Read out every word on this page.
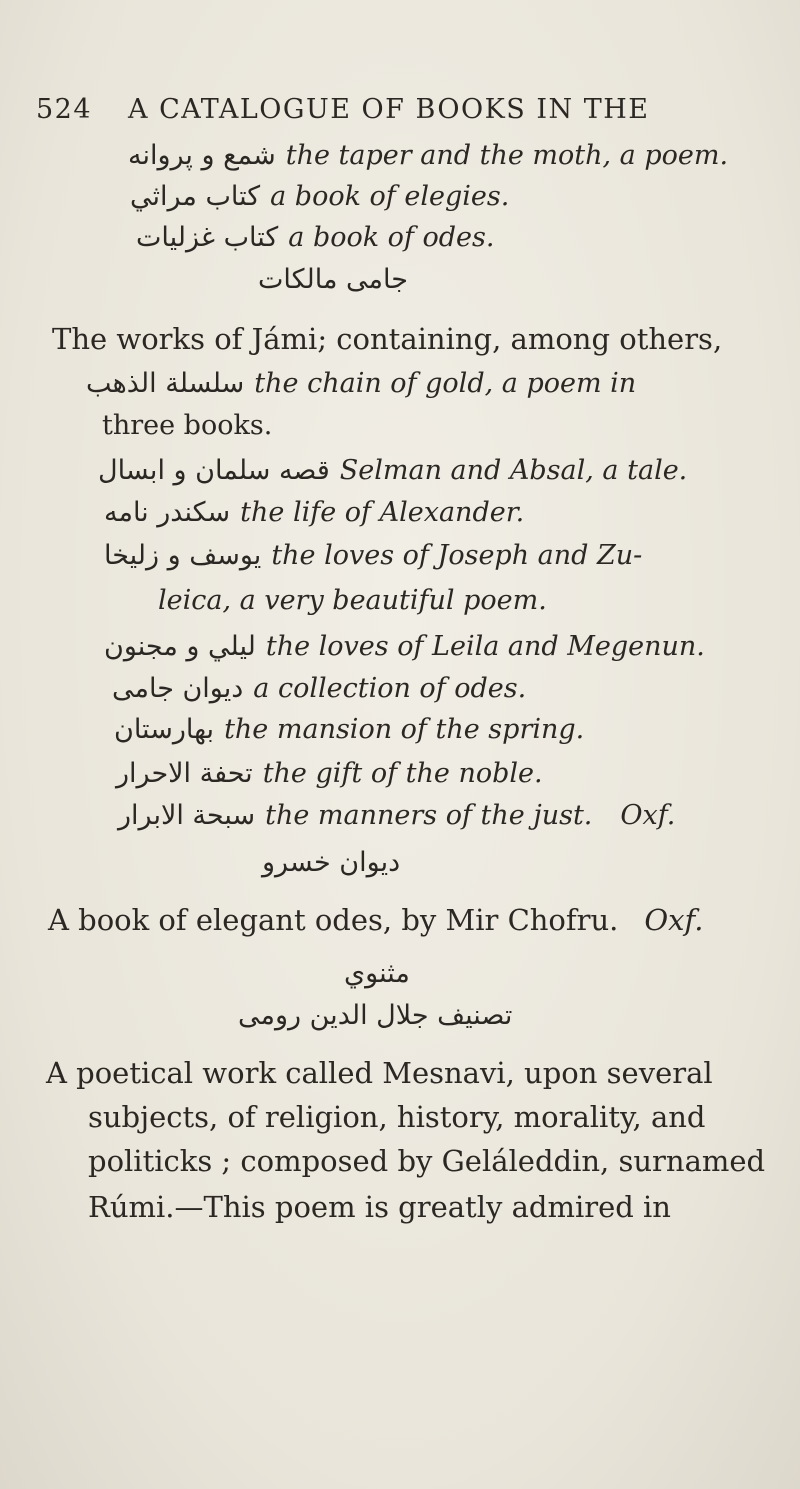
524 A CATALOGUE OF BOOKS IN THE
شمع و پروانه the taper and the moth, a poem.
كتاب مراثي a book of elegies.
كتاب غزليات a book of odes.
جامى مالكات
The works of Jámi; containing, among others,
سلسلة الذهب the chain of gold, a poem in
three books.
قصه سلمان و ابسال Selman and Absal, a tale.
سكندر نامه the life of Alexander.
يوسف و زليخا the loves of Joseph and Zu-
leica, a very beautiful poem.
ليلي و مجنون the loves of Leila and Megenun.
ديوان جامى a collection of odes.
بهارستان the mansion of the spring.
تحفة الاحرار the gift of the noble.
سبحة الابرار the manners of the just. Oxf.
ديوان خسرو
A book of elegant odes, by Mir Chofru. Oxf.
مثنوي
تصنيف جلال الدين رومى
A poetical work called Mesnavi, upon several
subjects, of religion, history, morality, and
politicks ; composed by Geláleddin, surnamed
Rúmi.—This poem is greatly admired in
